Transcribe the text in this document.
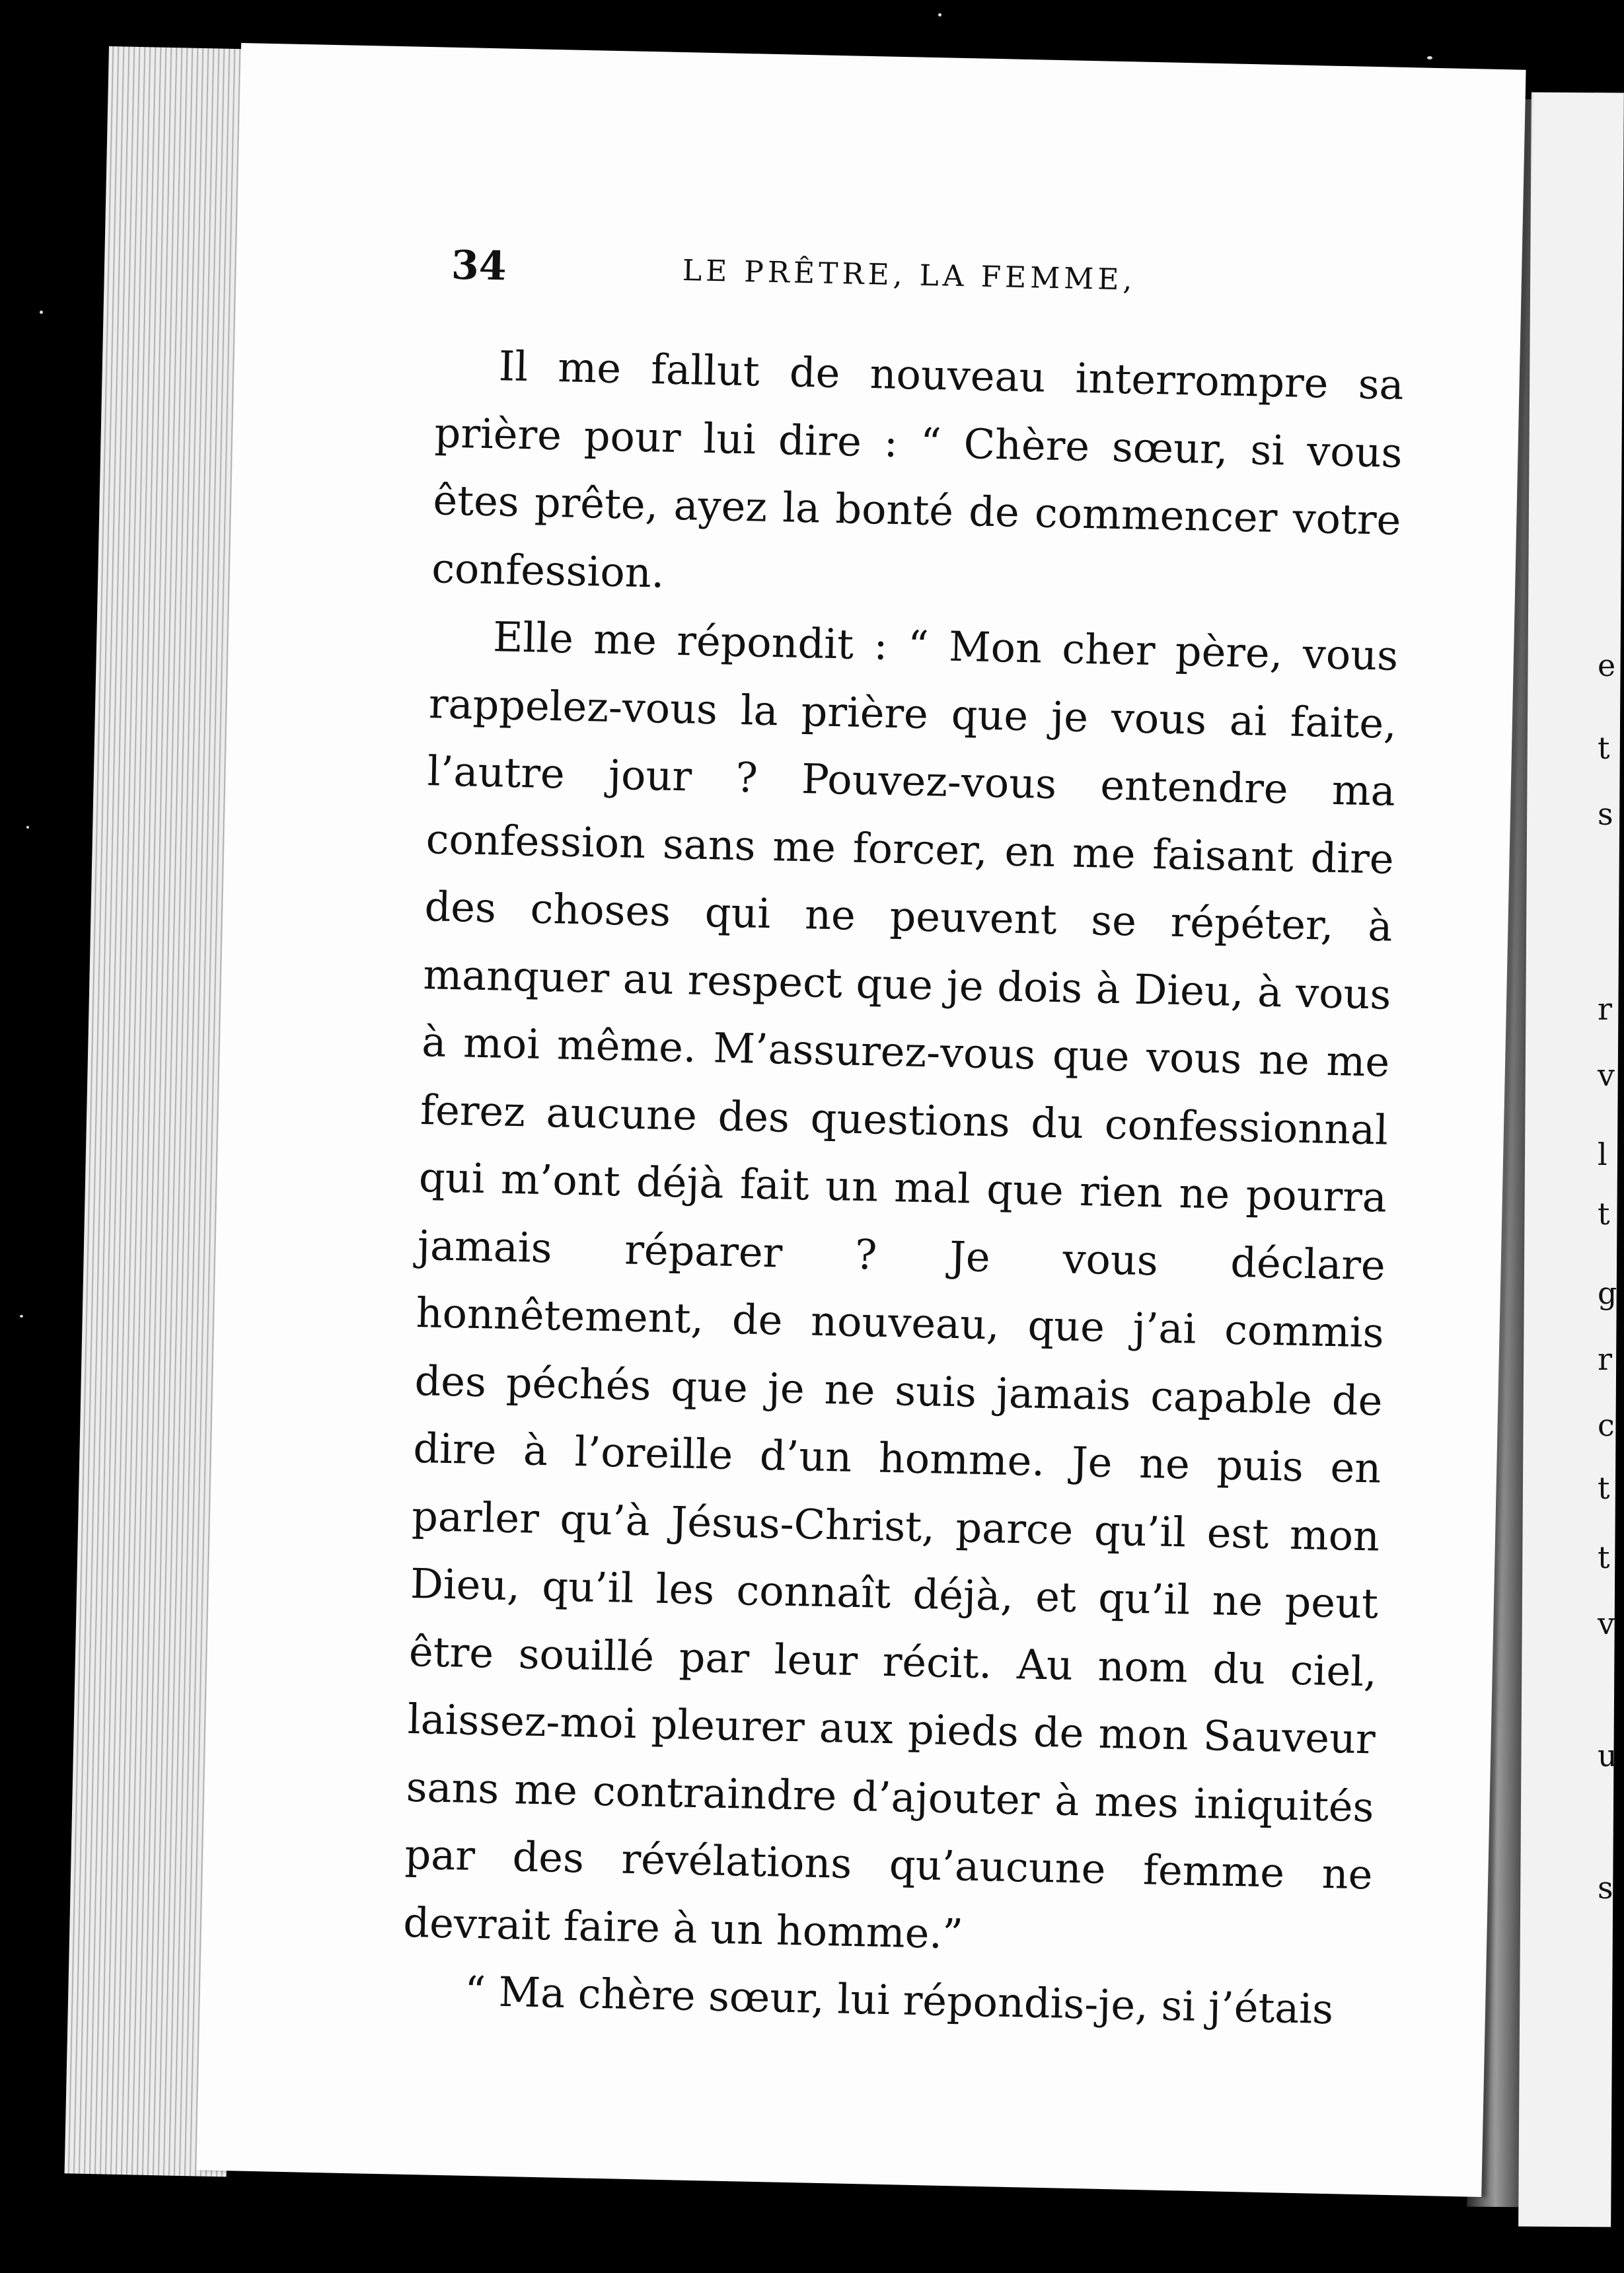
e
t
s
r
v
l
t
g
r
c
t
t
v
u
s
34	LE PRÊTRE, LA FEMME,

Il me fallut de nouveau interrompre sa prière pour lui dire : “ Chère sœur, si vous êtes prête, ayez la bonté de commencer votre confession.

Elle me répondit : “ Mon cher père, vous rappelez-vous la prière que je vous ai faite, l’autre jour ? Pouvez-vous entendre ma confession sans me forcer, en me faisant dire des choses qui ne peuvent se répéter, à manquer au respect que je dois à Dieu, à vous à moi même. M’assurez-vous que vous ne me ferez aucune des questions du confessionnal qui m’ont déjà fait un mal que rien ne pourra jamais réparer ? Je vous déclare honnêtement, de nouveau, que j’ai commis des péchés que je ne suis jamais capable de dire à l’oreille d’un homme. Je ne puis en parler qu’à Jésus-Christ, parce qu’il est mon Dieu, qu’il les connaît déjà, et qu’il ne peut être souillé par leur récit. Au nom du ciel, laissez-moi pleurer aux pieds de mon Sauveur sans me contraindre d’ajouter à mes iniquités par des révélations qu’aucune femme ne devrait faire à un homme.”

“ Ma chère sœur, lui répondis-je, si j’étais
